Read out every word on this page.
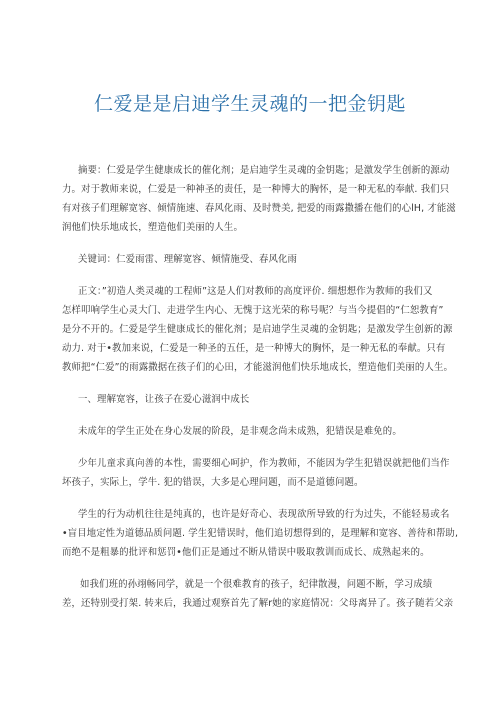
仁爱是是启迪学生灵魂的一把金钥匙
摘要：仁爱是学生健康成长的催化剂；是启迪学生灵魂的金钥匙；是激发学生创新的源动
力。对于教师来说，仁爱是一种神圣的责任，是一种博大的胸怀，是一种无私的奉献. 我们只
有对孩子们理解宽容、倾情施速、春风化雨、及时赞美, 把爱的雨露撒播在他们的心lH, 才能滋
润他们快乐地成长，塑造他们美丽的人生。
关键词：仁爱雨雷、理解宽容、倾情施受、春风化雨
正文：”初造人类灵魂的工程师”这是人们对教师的高度评价. 细想想作为教师的我们又
怎样叩响学生心灵大门、走进学生内心、无愧于这光荣的称号呢？与当今提倡的“仁恕教育”
是分不开的。仁爱是学生健康成长的催化剂；是启迪学生灵魂的金钥匙；是激发学生创新的源
动力. 对于•教加来说，仁爱是一种圣的五任，是一种博大的胸怀，是一种无私的奉献。只有
教师把“仁爱”的雨露撒据在孩子们的心田，才能滋润他们快乐地成长，塑造他们美丽的人生。
一、理解宽容，让孩子在爱心滋润中成长
未成年的学生正处在身心发展的阶段，是非观念尚未成熟，犯错误是难免的。
少年儿童求真向善的本性，需要细心呵护，作为教师，不能因为学生犯错误就把他们当作
坏孩子，实际上，学牛. 犯的错误，大多是心理问题，而不是道德问题。
学生的行为动机往往是纯真的，也许是好奇心、表现欲所导致的行为过失，不能轻易或名
•盲目地定性为道德品质问题. 学生犯错误时，他们追切想得到的，是理解和宽容、善待和帮助,
而绝不是粗暴的批评和惩罚•他们正是通过不断从错误中吸取教训而成长、成熟起来的。
如我们班的孙翊畅同学，就是一个很难教育的孩子，纪律散漫，问题不断，学习成绩
差，还特别受打架. 转来后，我通过观察首先了解r她的家庭情况：父母离异了。孩子随若父亲
